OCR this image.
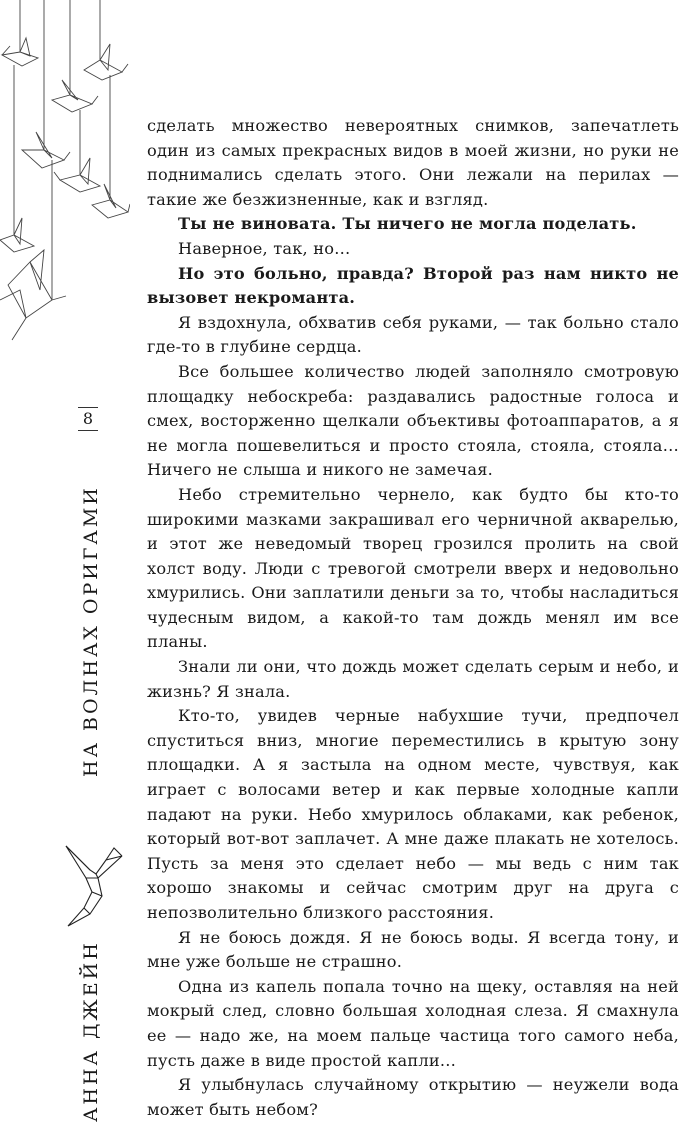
8
НА ВОЛНАХ ОРИГАМИ
АННА ДЖЕЙН

сделать множество невероятных снимков, запечатлеть один из самых прекрасных видов в моей жизни, но руки не поднимались сделать этого. Они лежали на перилах — такие же безжизненные, как и взгляд.

Ты не виновата. Ты ничего не могла поделать.

Наверное, так, но…

Но это больно, правда? Второй раз нам никто не вызовет некроманта.

Я вздохнула, обхватив себя руками, — так больно стало где-то в глубине сердца.

Все большее количество людей заполняло смотровую площадку небоскреба: раздавались радостные голоса и смех, восторженно щелкали объективы фотоаппаратов, а я не могла пошевелиться и просто стояла, стояла, стояла… Ничего не слыша и никого не замечая.

Небо стремительно чернело, как будто бы кто-то широкими мазками закрашивал его черничной акварелью, и этот же неведомый творец грозился пролить на свой холст воду. Люди с тревогой смотрели вверх и недовольно хмурились. Они заплатили деньги за то, чтобы насладиться чудесным видом, а какой-то там дождь менял им все планы.

Знали ли они, что дождь может сделать серым и небо, и жизнь? Я знала.

Кто-то, увидев черные набухшие тучи, предпочел спуститься вниз, многие переместились в крытую зону площадки. А я застыла на одном месте, чувствуя, как играет с волосами ветер и как первые холодные капли падают на руки. Небо хмурилось облаками, как ребенок, который вот-вот заплачет. А мне даже плакать не хотелось. Пусть за меня это сделает небо — мы ведь с ним так хорошо знакомы и сейчас смотрим друг на друга с непозволительно близкого расстояния.

Я не боюсь дождя. Я не боюсь воды. Я всегда тону, и мне уже больше не страшно.

Одна из капель попала точно на щеку, оставляя на ней мокрый след, словно большая холодная слеза. Я смахнула ее — надо же, на моем пальце частица того самого неба, пусть даже в виде простой капли…

Я улыбнулась случайному открытию — неужели вода может быть небом?
